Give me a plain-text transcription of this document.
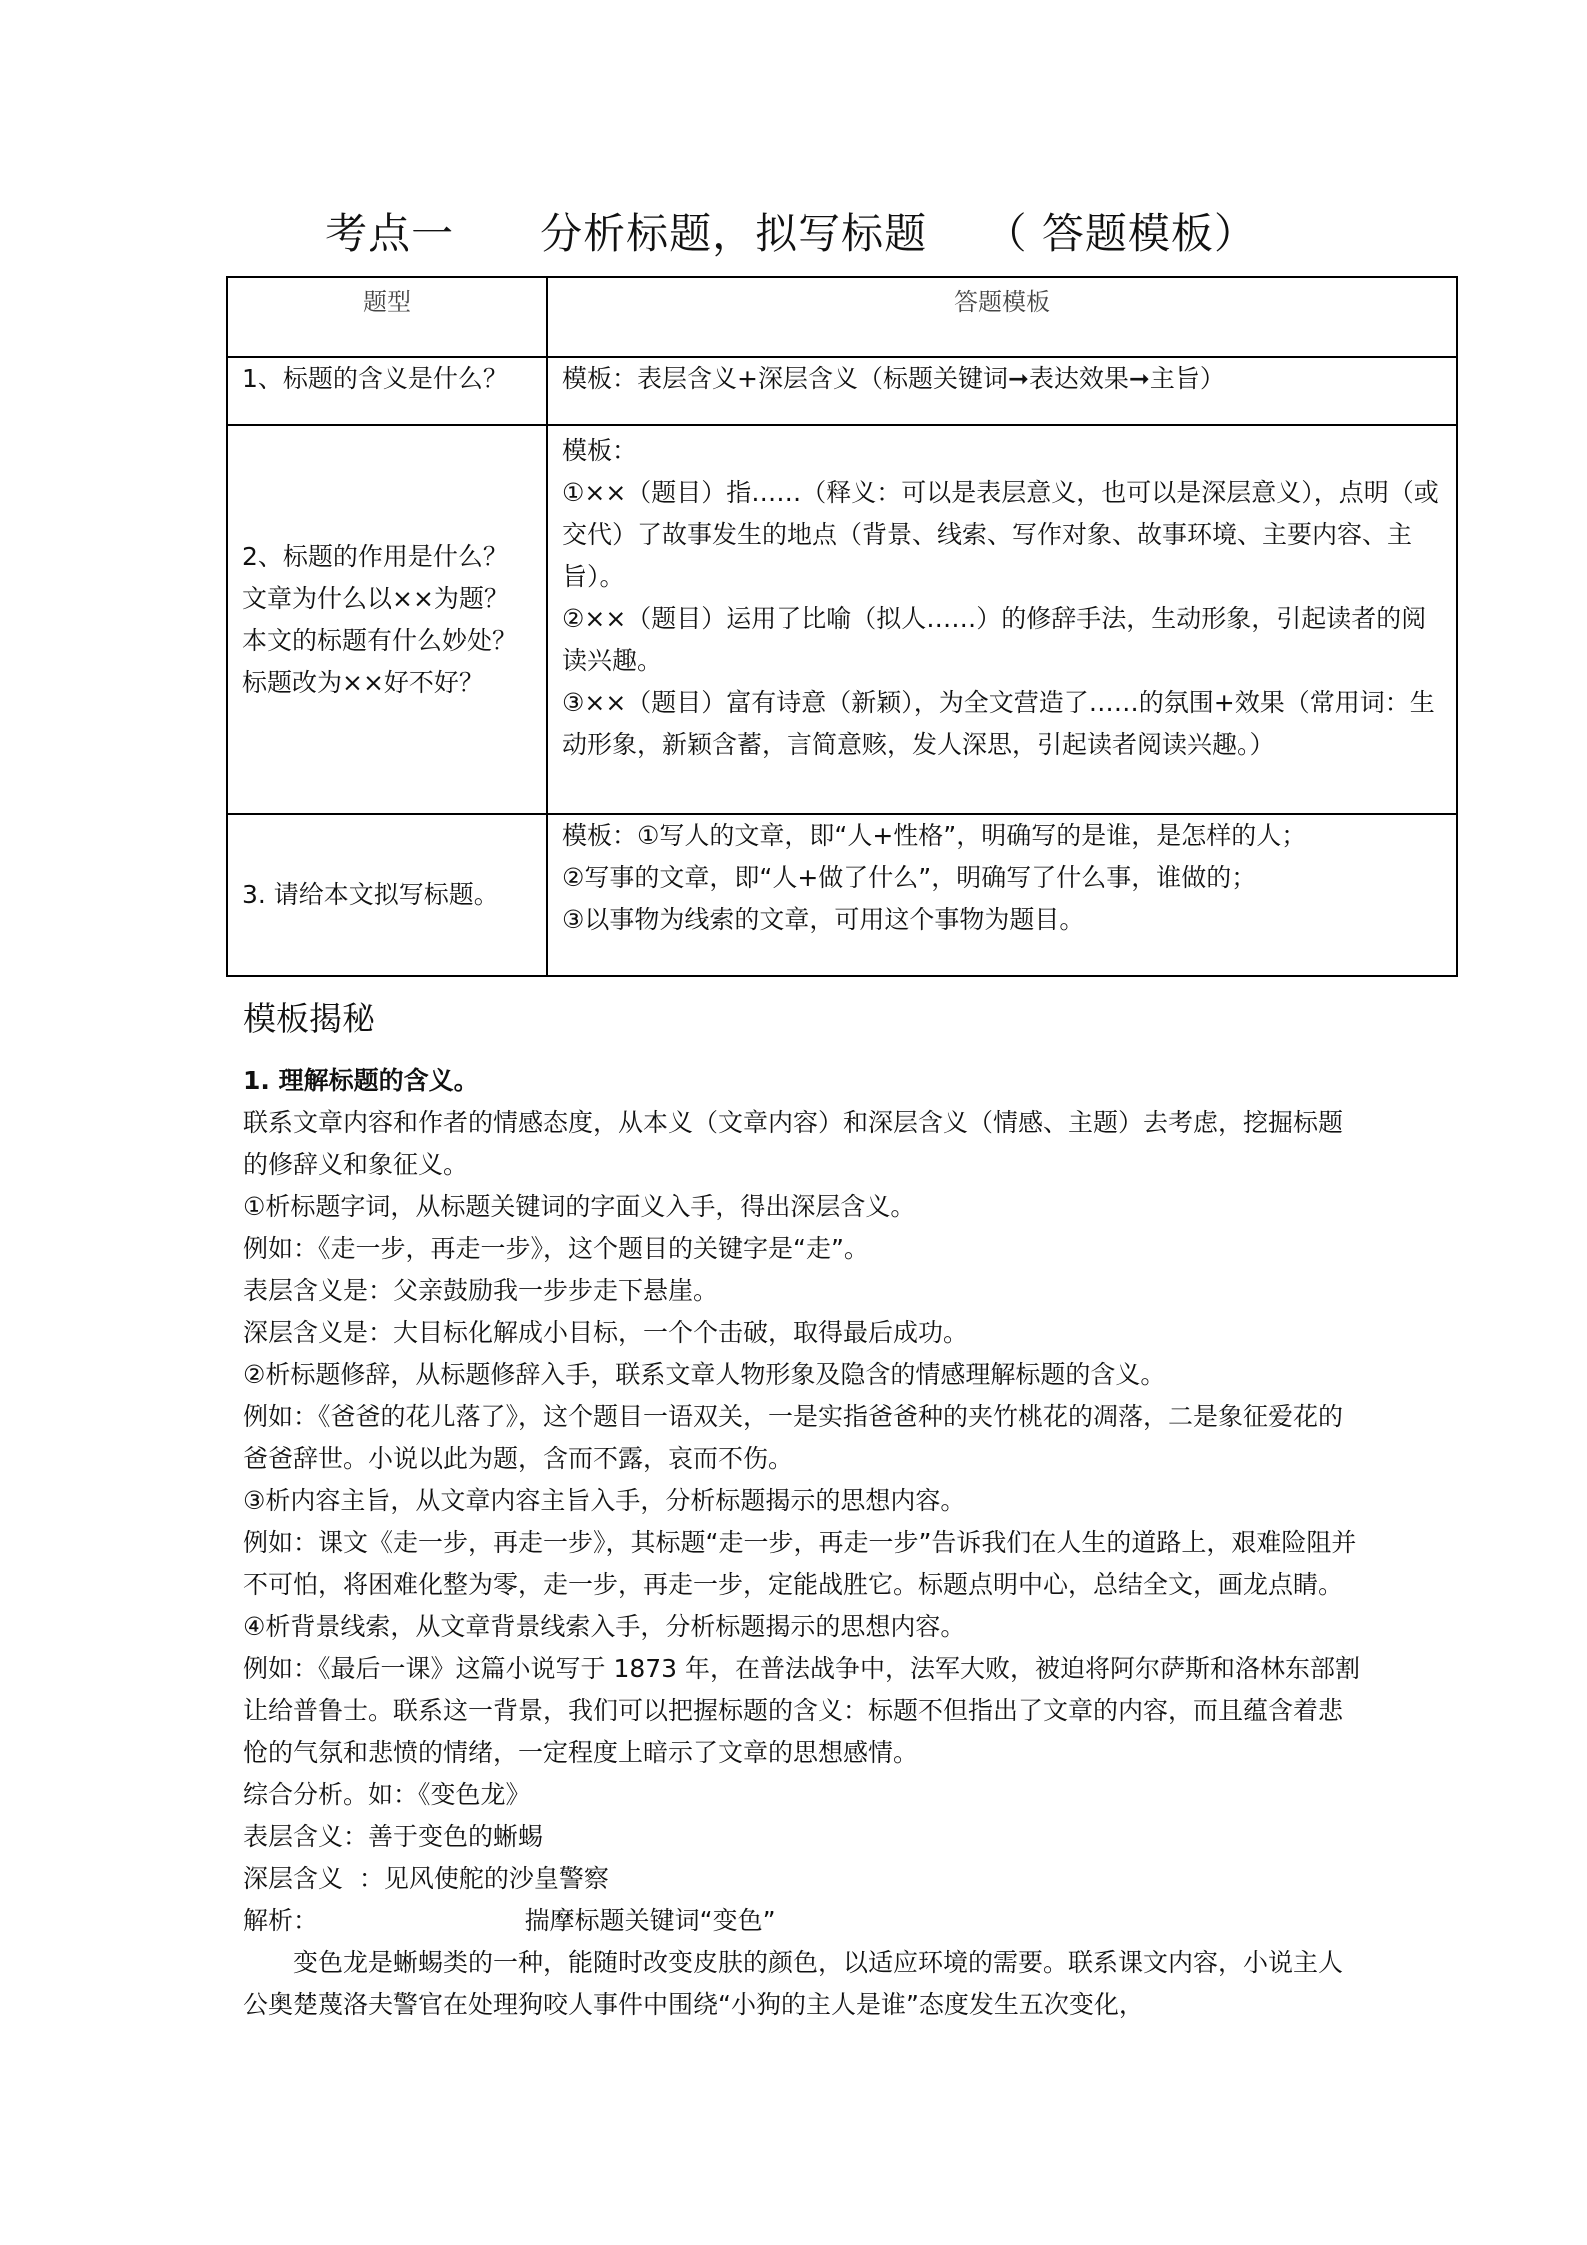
考点一      分析标题，拟写标题    （ 答题模板）
题型	答题模板

1、标题的含义是什么？	模板：表层含义+深层含义（标题关键词➞表达效果➞主旨）

2、标题的作用是什么？
文章为什么以××为题？
本文的标题有什么妙处？
标题改为××好不好？	模板：
①××（题目）指……（释义：可以是表层意义，也可以是深层意义），点明（或交代）了故事发生的地点（背景、线索、写作对象、故事环境、主要内容、主旨）。
②××（题目）运用了比喻（拟人……）的修辞手法，生动形象，引起读者的阅读兴趣。
③××（题目）富有诗意（新颖），为全文营造了……的氛围+效果（常用词：生动形象，新颖含蓄，言简意赅，发人深思，引起读者阅读兴趣。）

3. 请给本文拟写标题。	模板：①写人的文章，即“人+性格”，明确写的是谁，是怎样的人；
②写事的文章，即“人+做了什么”，明确写了什么事，谁做的；
③以事物为线索的文章，可用这个事物为题目。
模板揭秘

1. 理解标题的含义。

联系文章内容和作者的情感态度，从本义（文章内容）和深层含义（情感、主题）去考虑，挖掘标题的修辞义和象征义。

①析标题字词，从标题关键词的字面义入手，得出深层含义。

例如：《走一步，再走一步》，这个题目的关键字是“走”。

表层含义是：父亲鼓励我一步步走下悬崖。

深层含义是：大目标化解成小目标，一个个击破，取得最后成功。

②析标题修辞，从标题修辞入手，联系文章人物形象及隐含的情感理解标题的含义。

例如：《爸爸的花儿落了》，这个题目一语双关，一是实指爸爸种的夹竹桃花的凋落，二是象征爱花的爸爸辞世。小说以此为题，含而不露，哀而不伤。

③析内容主旨，从文章内容主旨入手，分析标题揭示的思想内容。

例如：课文《走一步，再走一步》，其标题“走一步，再走一步”告诉我们在人生的道路上，艰难险阻并不可怕，将困难化整为零，走一步，再走一步，定能战胜它。标题点明中心，总结全文，画龙点睛。

④析背景线索，从文章背景线索入手，分析标题揭示的思想内容。

例如：《最后一课》这篇小说写于 1873 年，在普法战争中，法军大败，被迫将阿尔萨斯和洛林东部割让给普鲁士。联系这一背景，我们可以把握标题的含义：标题不但指出了文章的内容，而且蕴含着悲怆的气氛和悲愤的情绪，一定程度上暗示了文章的思想感情。

综合分析。如：《变色龙》

表层含义：善于变色的蜥蜴

深层含义  ：见风使舵的沙皇警察

解析：                          揣摩标题关键词“变色”

变色龙是蜥蜴类的一种，能随时改变皮肤的颜色，以适应环境的需要。联系课文内容，小说主人公奥楚蔑洛夫警官在处理狗咬人事件中围绕“小狗的主人是谁”态度发生五次变化，
